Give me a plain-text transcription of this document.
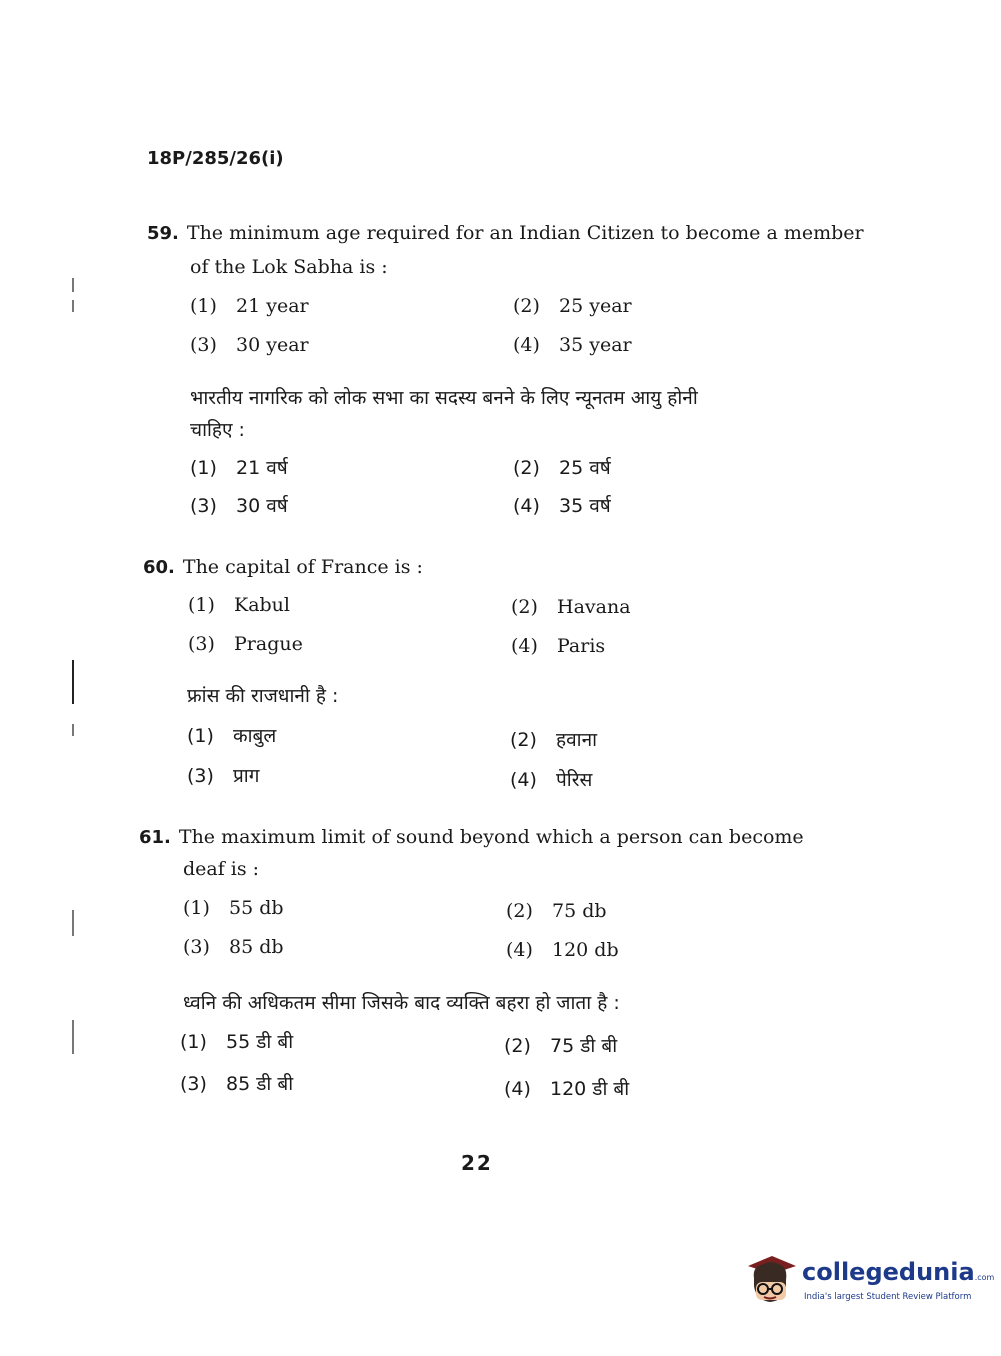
18P/285/26(i)
59. The minimum age required for an Indian Citizen to become a member
of the Lok Sabha is :
(1) 21 year	(2) 25 year
(3) 30 year	(4) 35 year
भारतीय नागरिक को लोक सभा का सदस्य बनने के लिए न्यूनतम आयु होनी
चाहिए :
(1) 21 वर्ष	(2) 25 वर्ष
(3) 30 वर्ष	(4) 35 वर्ष
60. The capital of France is :
(1) Kabul	(2) Havana
(3) Prague	(4) Paris
फ्रांस की राजधानी है :
(1) काबुल	(2) हवाना
(3) प्राग	(4) पेरिस
61. The maximum limit of sound beyond which a person can become
deaf is :
(1) 55 db	(2) 75 db
(3) 85 db	(4) 120 db
ध्वनि की अधिकतम सीमा जिसके बाद व्यक्ति बहरा हो जाता है :
(1) 55 डी बी	(2) 75 डी बी
(3) 85 डी बी	(4) 120 डी बी
22
collegedunia.com
India's largest Student Review Platform
